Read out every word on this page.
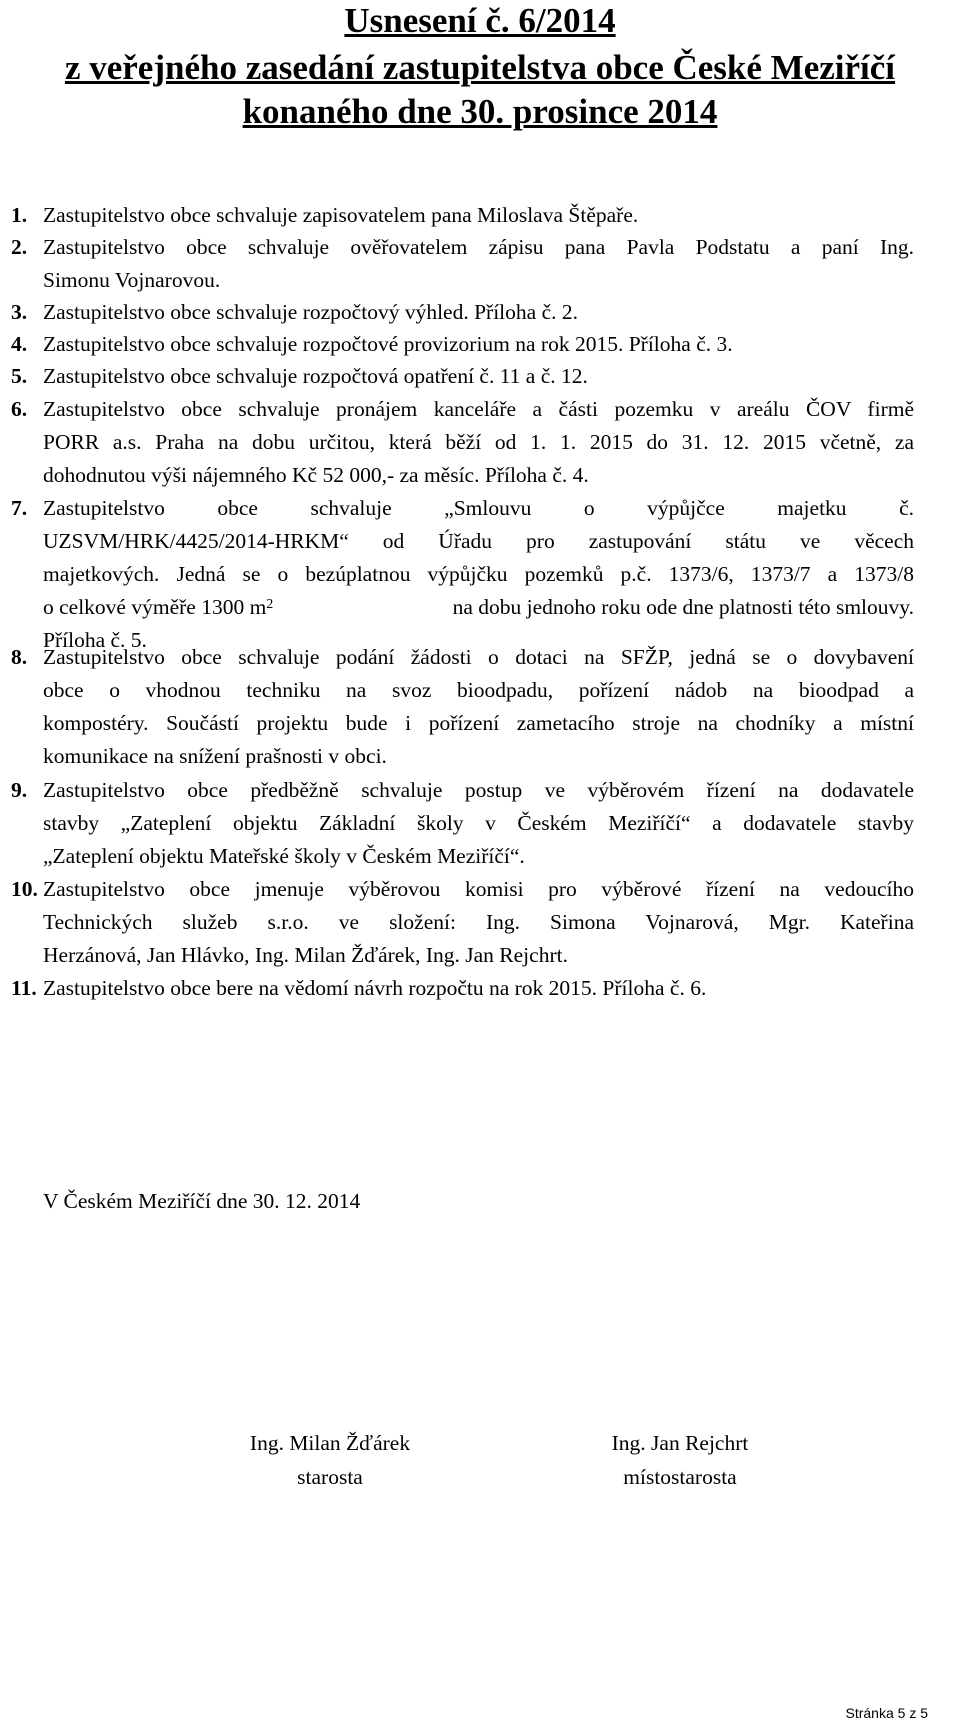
Usnesení č. 6/2014
z veřejného zasedání zastupitelstva obce České Meziříčí
konaného dne 30. prosince 2014
1. Zastupitelstvo obce schvaluje zapisovatelem pana Miloslava Štěpaře.
2. Zastupitelstvo obce schvaluje ověřovatelem zápisu pana Pavla Podstatu a paní Ing.
Simonu Vojnarovou.
3. Zastupitelstvo obce schvaluje rozpočtový výhled. Příloha č. 2.
4. Zastupitelstvo obce schvaluje rozpočtové provizorium na rok 2015. Příloha č. 3.
5. Zastupitelstvo obce schvaluje rozpočtová opatření č. 11 a č. 12.
6. Zastupitelstvo obce schvaluje pronájem kanceláře a části pozemku v areálu ČOV firmě
PORR a.s. Praha na dobu určitou, která běží od 1. 1. 2015 do 31. 12. 2015 včetně, za
dohodnutou výši nájemného Kč 52 000,- za měsíc. Příloha č. 4.
7. Zastupitelstvo obce schvaluje „Smlouvu o výpůjčce majetku č.
UZSVM/HRK/4425/2014-HRKM“ od Úřadu pro zastupování státu ve věcech
majetkových. Jedná se o bezúplatnou výpůjčku pozemků p.č. 1373/6, 1373/7 a 1373/8
o celkové výměře 1300 $m^2$	na dobu jednoho roku ode dne platnosti této smlouvy.
Příloha č. 5.
8. Zastupitelstvo obce schvaluje podání žádosti o dotaci na SFŽP, jedná se o dovybavení
obce o vhodnou techniku na svoz bioodpadu, pořízení nádob na bioodpad a
kompostéry. Součástí projektu bude i pořízení zametacího stroje na chodníky a místní
komunikace na snížení prašnosti v obci.
9. Zastupitelstvo obce předběžně schvaluje postup ve výběrovém řízení na dodavatele
stavby „Zateplení objektu Základní školy v Českém Meziříčí“ a dodavatele stavby
„Zateplení objektu Mateřské školy v Českém Meziříčí“.
10. Zastupitelstvo obce jmenuje výběrovou komisi pro výběrové řízení na vedoucího
Technických služeb s.r.o. ve složení: Ing. Simona Vojnarová, Mgr. Kateřina
Herzánová, Jan Hlávko, Ing. Milan Žďárek, Ing. Jan Rejchrt.
11. Zastupitelstvo obce bere na vědomí návrh rozpočtu na rok 2015. Příloha č. 6.
V Českém Meziříčí dne 30. 12. 2014
Ing. Milan Žďárek
starosta
Ing. Jan Rejchrt
místostarosta
Stránka 5 z 5
